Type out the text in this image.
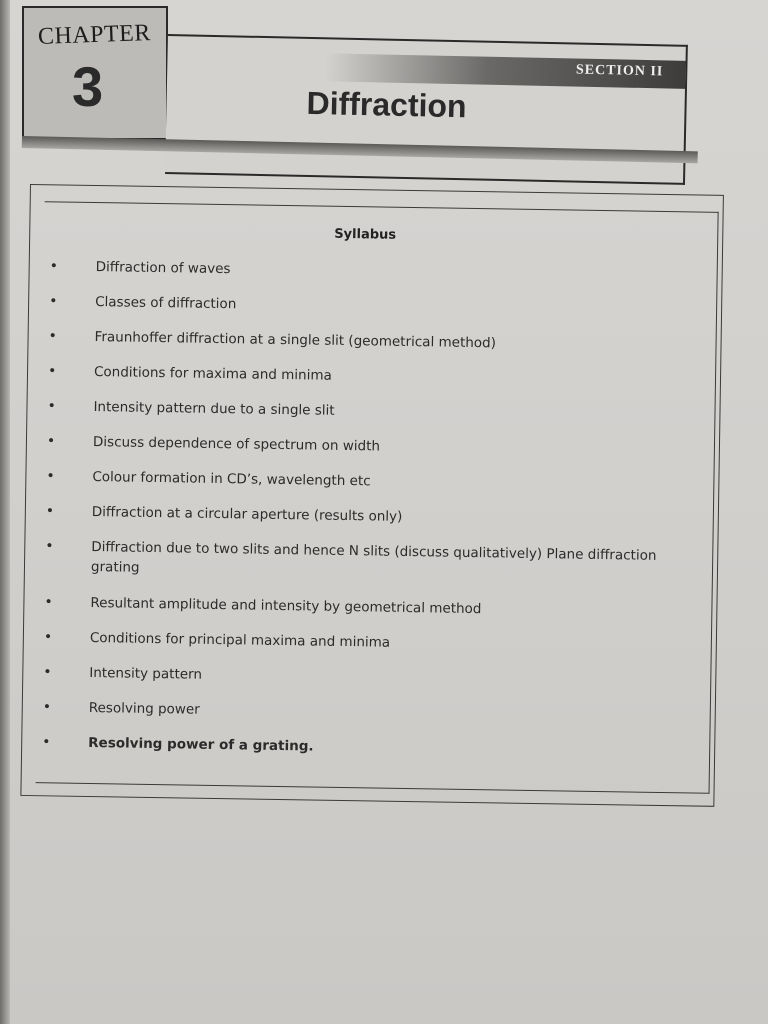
CHAPTER
3	SECTION II
Diffraction
Syllabus
•	Diffraction of waves
•	Classes of diffraction
•	Fraunhoffer diffraction at a single slit (geometrical method)
•	Conditions for maxima and minima
•	Intensity pattern due to a single slit
•	Discuss dependence of spectrum on width
•	Colour formation in CD’s, wavelength etc
•	Diffraction at a circular aperture (results only)
•	Diffraction due to two slits and hence N slits (discuss qualitatively) Plane diffraction grating
•	Resultant amplitude and intensity by geometrical method
•	Conditions for principal maxima and minima
•	Intensity pattern
•	Resolving power
•	Resolving power of a grating.
